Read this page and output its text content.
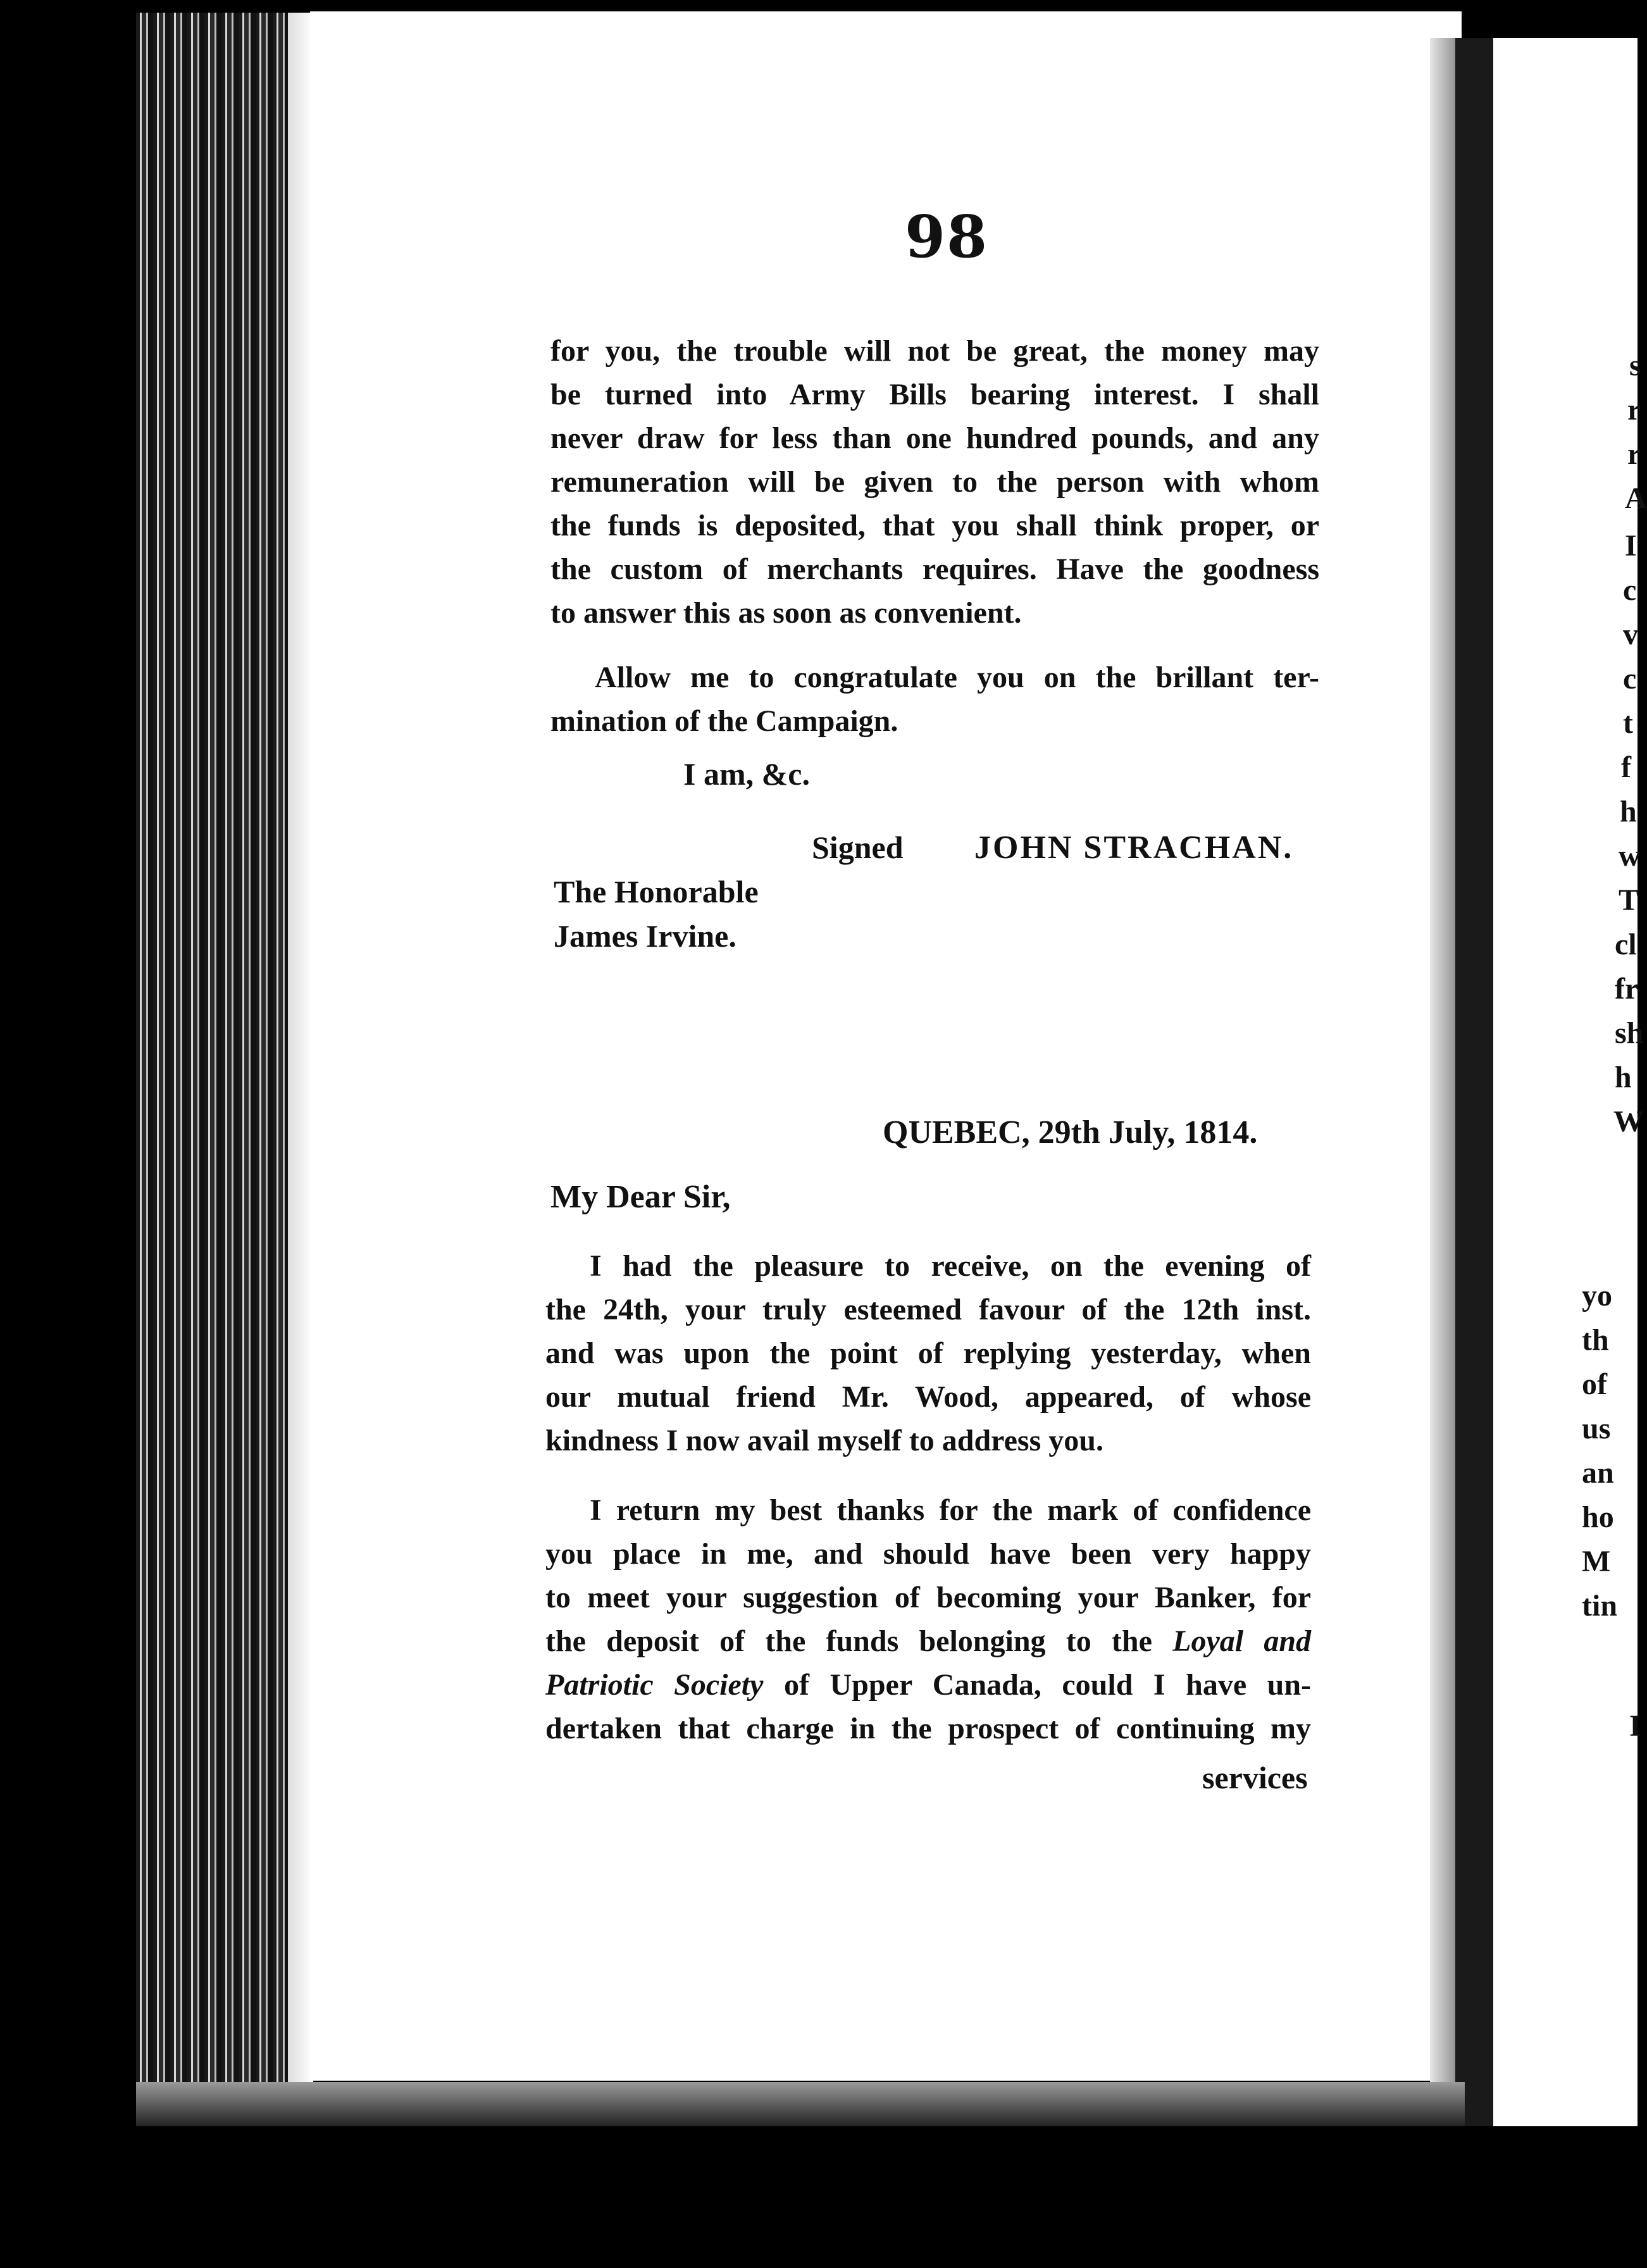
98
for you, the trouble will not be great, the money may
be turned into Army Bills bearing interest. I shall
never draw for less than one hundred pounds, and any
remuneration will be given to the person with whom
the funds is deposited, that you shall think proper, or
the custom of merchants requires. Have the goodness
to answer this as soon as convenient.
Allow me to congratulate you on the brillant ter-
mination of the Campaign.
I am, &c.
Signed JOHN STRACHAN.
The Honorable
James Irvine.
QUEBEC, 29th July, 1814.
My Dear Sir,
I had the pleasure to receive, on the evening of
the 24th, your truly esteemed favour of the 12th inst.
and was upon the point of replying yesterday, when
our mutual friend Mr. Wood, appeared, of whose
kindness I now avail myself to address you.
I return my best thanks for the mark of confidence
you place in me, and should have been very happy
to meet your suggestion of becoming your Banker, for
the deposit of the funds belonging to the Loyal and
Patriotic Society of Upper Canada, could I have un-
dertaken that charge in the prospect of continuing my
services
s
r
r
A
I
c
v
c
t
f
h
w
T
cl
fr
sh
h
W
yo
th
of
us
an
ho
M
tin
I
